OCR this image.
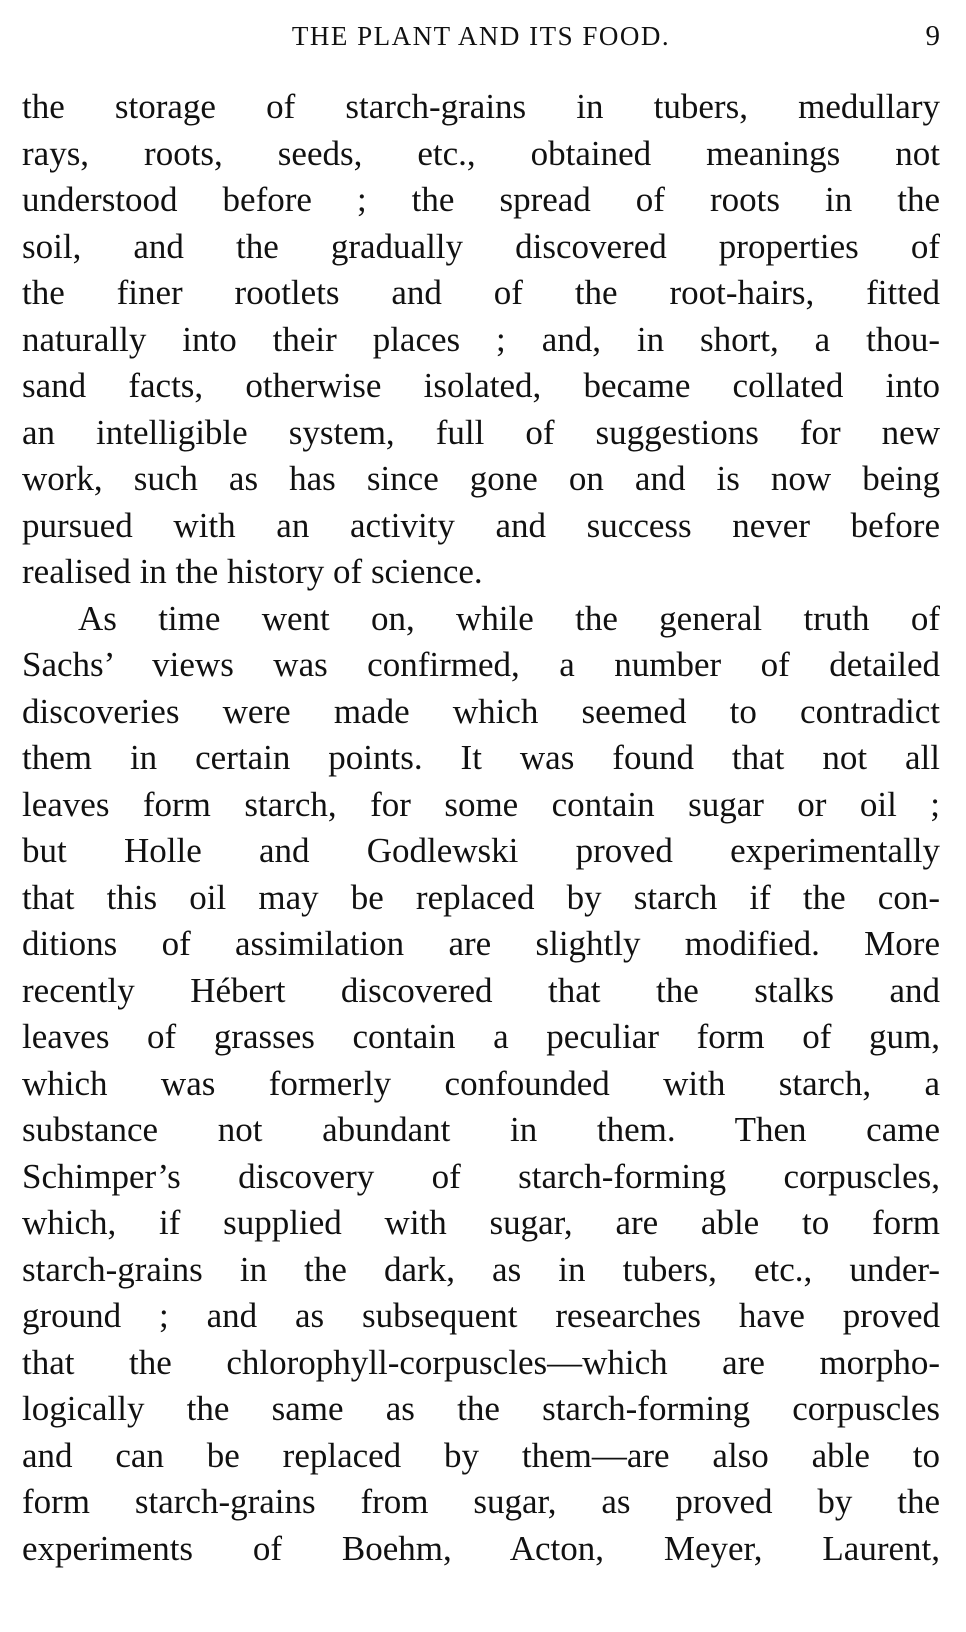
THE PLANT AND ITS FOOD.	9
the storage of starch-grains in tubers, medullary
rays, roots, seeds, etc., obtained meanings not
understood before ; the spread of roots in the
soil, and the gradually discovered properties of
the finer rootlets and of the root-hairs, fitted
naturally into their places ; and, in short, a thou-
sand facts, otherwise isolated, became collated into
an intelligible system, full of suggestions for new
work, such as has since gone on and is now being
pursued with an activity and success never before
realised in the history of science.
As time went on, while the general truth of
Sachs’ views was confirmed, a number of detailed
discoveries were made which seemed to contradict
them in certain points. It was found that not all
leaves form starch, for some contain sugar or oil ;
but Holle and Godlewski proved experimentally
that this oil may be replaced by starch if the con-
ditions of assimilation are slightly modified. More
recently Hébert discovered that the stalks and
leaves of grasses contain a peculiar form of gum,
which was formerly confounded with starch, a
substance not abundant in them. Then came
Schimper’s discovery of starch-forming corpuscles,
which, if supplied with sugar, are able to form
starch-grains in the dark, as in tubers, etc., under-
ground ; and as subsequent researches have proved
that the chlorophyll-corpuscles—which are morpho-
logically the same as the starch-forming corpuscles
and can be replaced by them—are also able to
form starch-grains from sugar, as proved by the
experiments of Boehm, Acton, Meyer, Laurent,
